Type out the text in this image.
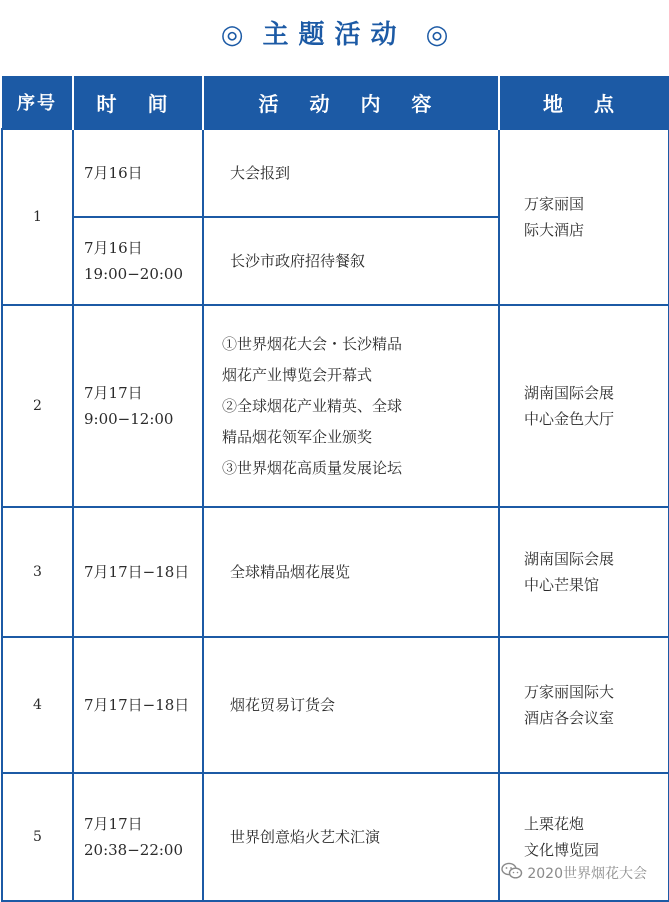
◎ 主题活动 ◎
序号	时 间	活 动 内 容	地 点
1	7月16日	大会报到	万家丽国
际大酒店

	7月16日
19:00−20:00	长沙市政府招待餐叙	

2	7月17日
9:00−12:00	①世界烟花大会・长沙精品
烟花产业博览会开幕式
②全球烟花产业精英、全球
精品烟花领军企业颁奖
③世界烟花高质量发展论坛	湖南国际会展
中心金色大厅

3	7月17日−18日	全球精品烟花展览	湖南国际会展
中心芒果馆

4	7月17日−18日	烟花贸易订货会	万家丽国际大
酒店各会议室

5	7月17日
20:38−22:00	世界创意焰火艺术汇演	上栗花炮
文化博览园
2020世界烟花大会
